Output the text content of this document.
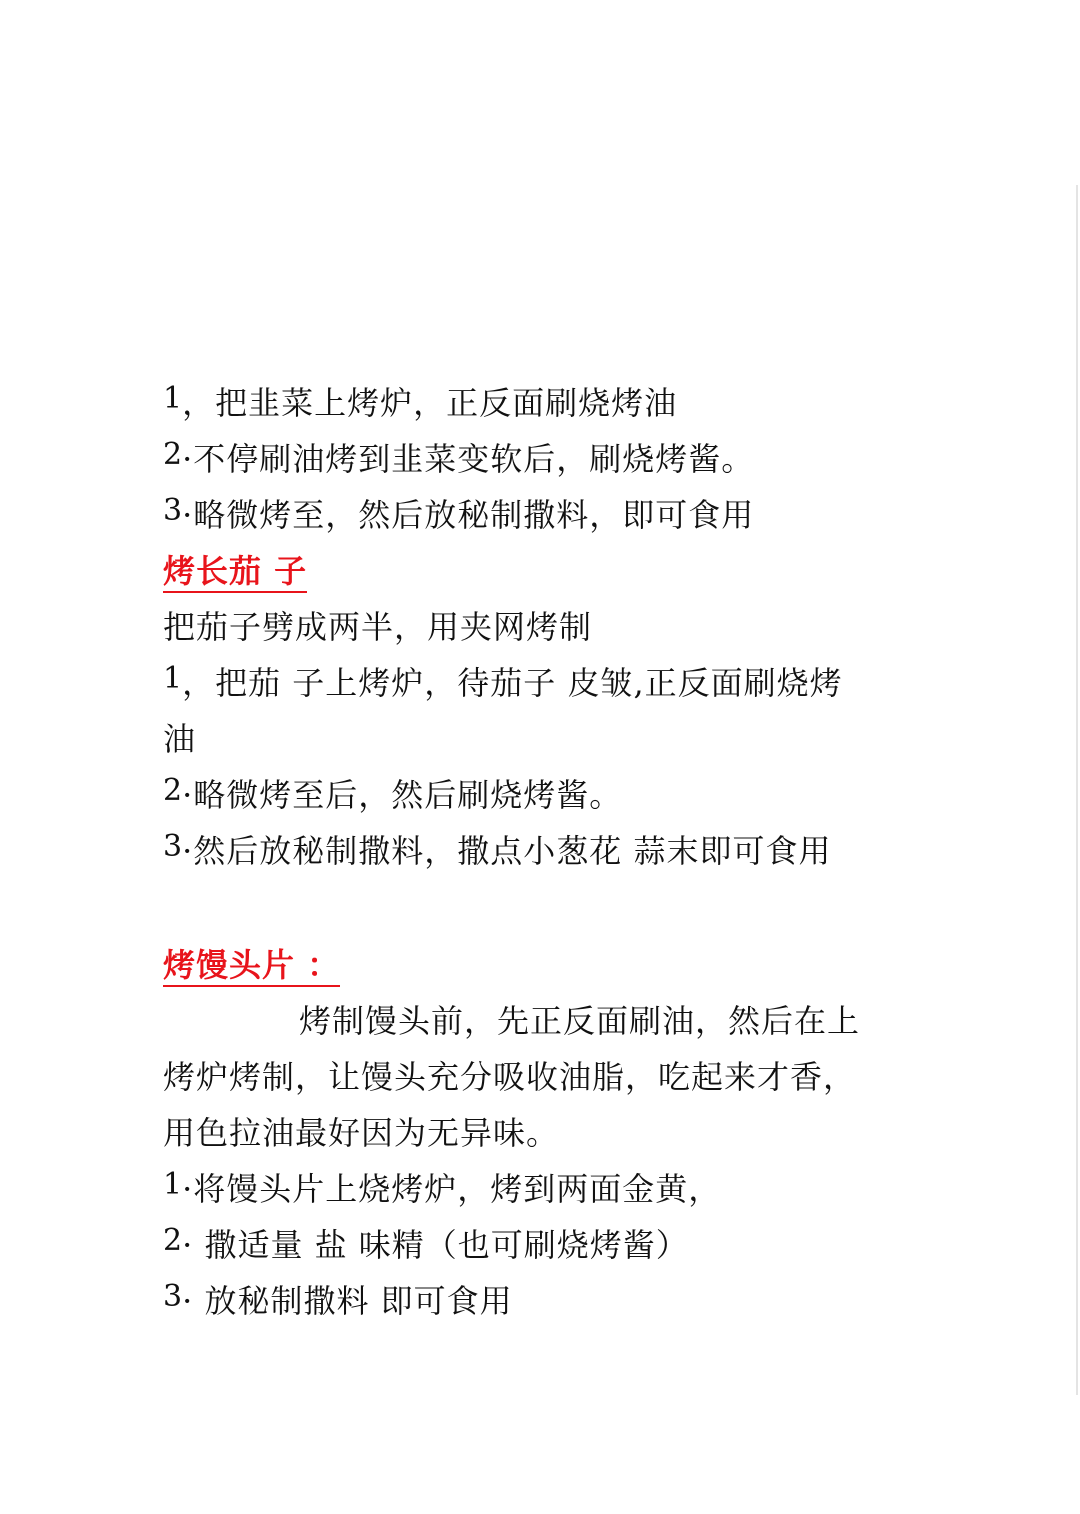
1，把韭菜上烤炉，正反面刷烧烤油
2·不停刷油烤到韭菜变软后，刷烧烤酱。
3·略微烤至，然后放秘制撒料，即可食用
烤长茄 子
把茄子劈成两半，用夹网烤制
1，把茄 子上烤炉，待茄子 皮皱,正反面刷烧烤
油
2·略微烤至后，然后刷烧烤酱。
3·然后放秘制撒料，撒点小葱花 蒜末即可食用
烤馒头片 ：
烤制馒头前，先正反面刷油，然后在上
烤炉烤制，让馒头充分吸收油脂，吃起来才香，
用色拉油最好因为无异味。
1·将馒头片上烧烤炉，烤到两面金黄，
2· 撒适量 盐 味精（也可刷烧烤酱）
3· 放秘制撒料 即可食用
